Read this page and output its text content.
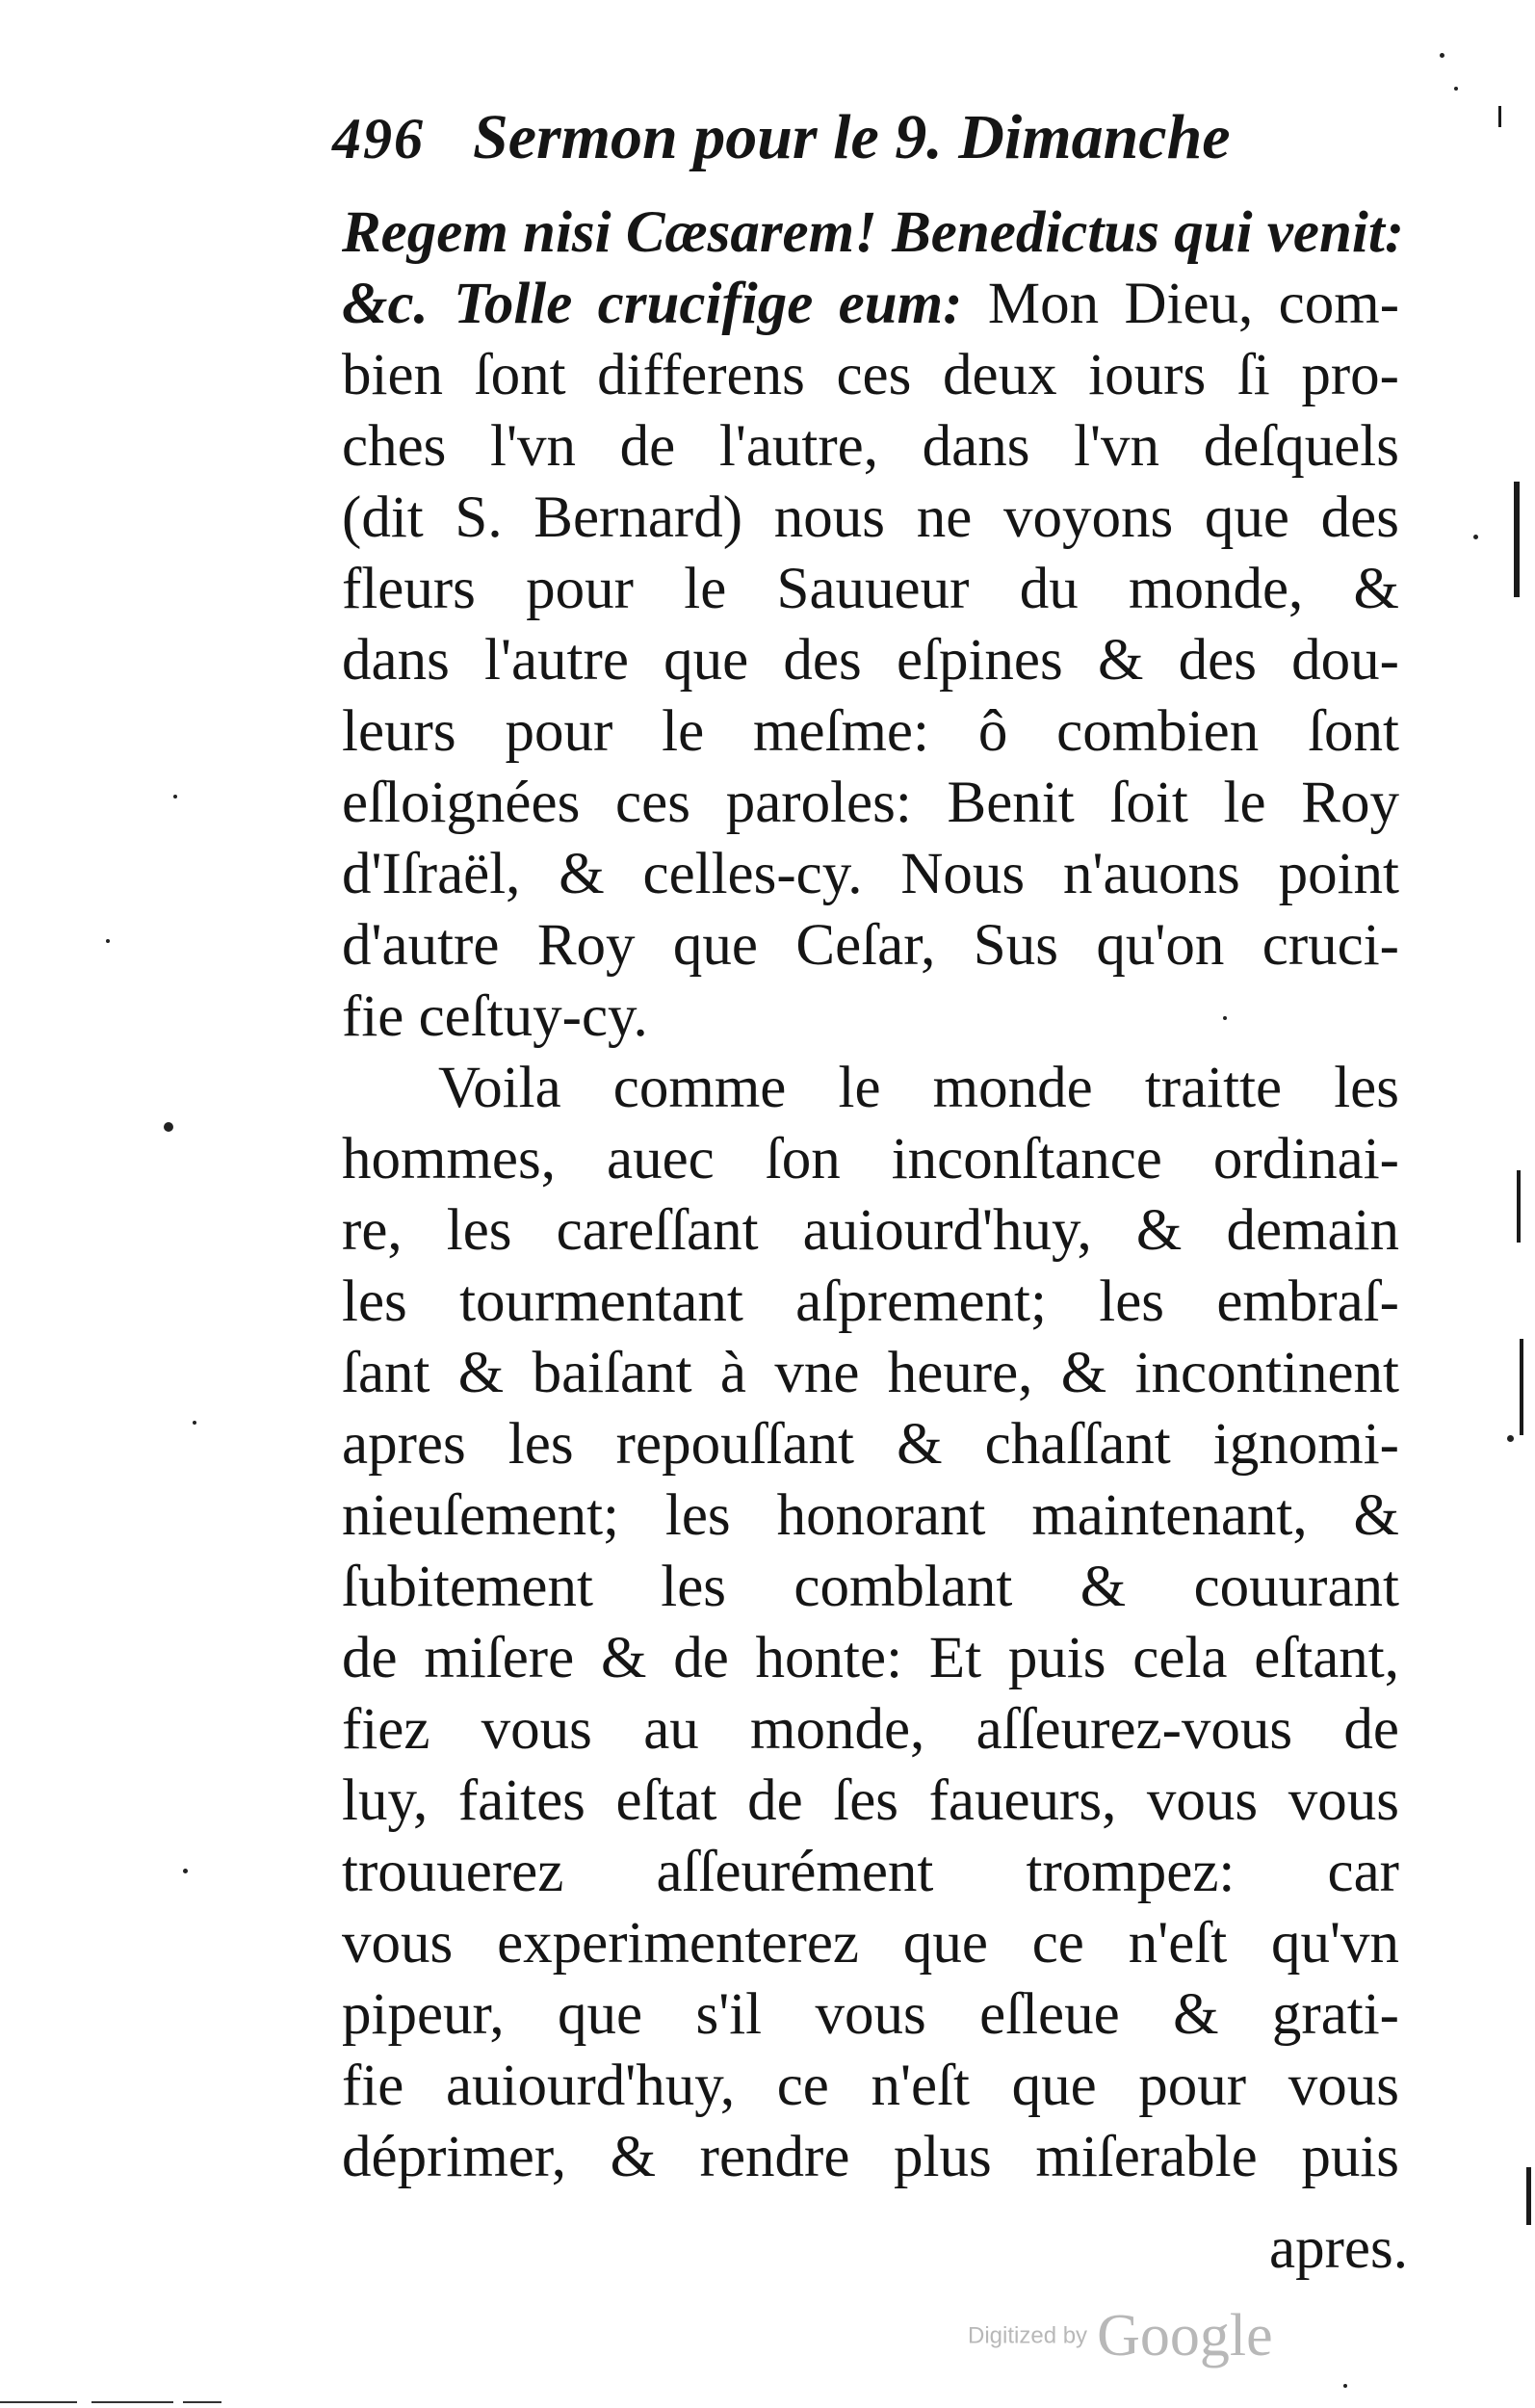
496 Sermon pour le 9. Dimanche
Regem nisi Cæsarem! Benedictus qui venit:
&c. Tolle crucifige eum: Mon Dieu, com-
bien ſont differens ces deux iours ſi pro-
ches l'vn de l'autre, dans l'vn deſquels
(dit S. Bernard) nous ne voyons que des
fleurs pour le Sauueur du monde, &
dans l'autre que des eſpines & des dou-
leurs pour le meſme: ô combien ſont
eſloignées ces paroles: Benit ſoit le Roy
d'Iſraël, & celles-cy. Nous n'auons point
d'autre Roy que Ceſar, Sus qu'on cruci-
fie ceſtuy-cy.
Voila comme le monde traitte les
hommes, auec ſon inconſtance ordinai-
re, les careſſant auiourd'huy, & demain
les tourmentant aſprement; les embraſ-
ſant & baiſant à vne heure, & incontinent
apres les repouſſant & chaſſant ignomi-
nieuſement; les honorant maintenant, &
ſubitement les comblant & couurant
de miſere & de honte: Et puis cela eſtant,
fiez vous au monde, aſſeurez-vous de
luy, faites eſtat de ſes faueurs, vous vous
trouuerez aſſeurément trompez: car
vous experimenterez que ce n'eſt qu'vn
pipeur, que s'il vous eſleue & grati-
fie auiourd'huy, ce n'eſt que pour vous
déprimer, & rendre plus miſerable puis
apres.
Digitized by Google
